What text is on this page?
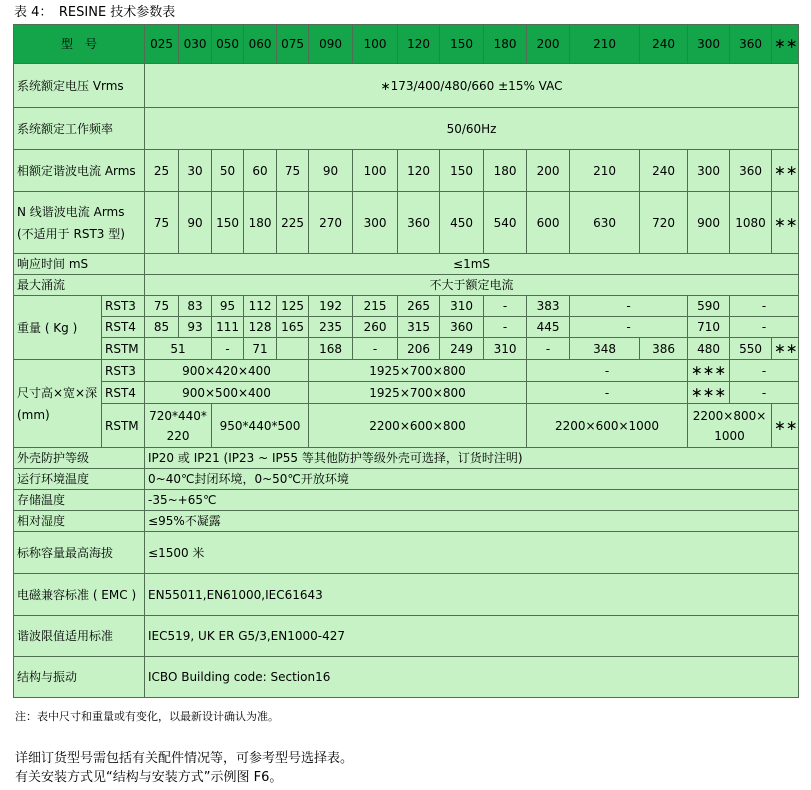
表 4：　RESINE 技术参数表
型　号		025	030	050	060	075	090	100	120	150	180	200	210	240	300	360	∗∗
系统额定电压 Vrms		∗173/400/480/660 ±15% VAC															
系统额定工作频率		50/60Hz															
相额定谐波电流 Arms		25	30	50	60	75	90	100	120	150	180	200	210	240	300	360	∗∗
N 线谐波电流 Arms (不适用于 RST3 型)		75	90	150	180	225	270	300	360	450	540	600	630	720	900	1080	∗∗
响应时间 mS		≤1mS															
最大涌流		不大于额定电流															
重量 ( Kg )	RST3	75	83	95	112	125	192	215	265	310	-	383	-		590	-	
	RST4	85	93	111	128	165	235	260	315	360	-	445	-		710	-	
	RSTM	51		-	71		168	-	206	249	310	-	348	386	480	550	∗∗
尺寸高×宽×深 (mm)	RST3	900×420×400					1925×700×800					-			∗∗∗	-	
	RST4	900×500×400					1925×700×800					-			∗∗∗	-	
	RSTM	720*440*220		950*440*500			2200×600×800					2200×600×1000			2200×800×1000		∗∗
外壳防护等级		IP20 或 IP21 (IP23 ~ IP55 等其他防护等级外壳可选择，订货时注明)															
运行环境温度		0~40℃封闭环境，0~50℃开放环境															
存储温度		-35~+65℃															
相对湿度		≤95%不凝露															
标称容量最高海拔		≤1500 米															
电磁兼容标准 ( EMC )		EN55011,EN61000,IEC61643															
谐波限值适用标准		IEC519, UK ER G5/3,EN1000-427															
结构与振动		ICBO Building code: Section16															
注：表中尺寸和重量或有变化，以最新设计确认为准。
详细订货型号需包括有关配件情况等，可参考型号选择表。
有关安装方式见“结构与安装方式”示例图 F6。
